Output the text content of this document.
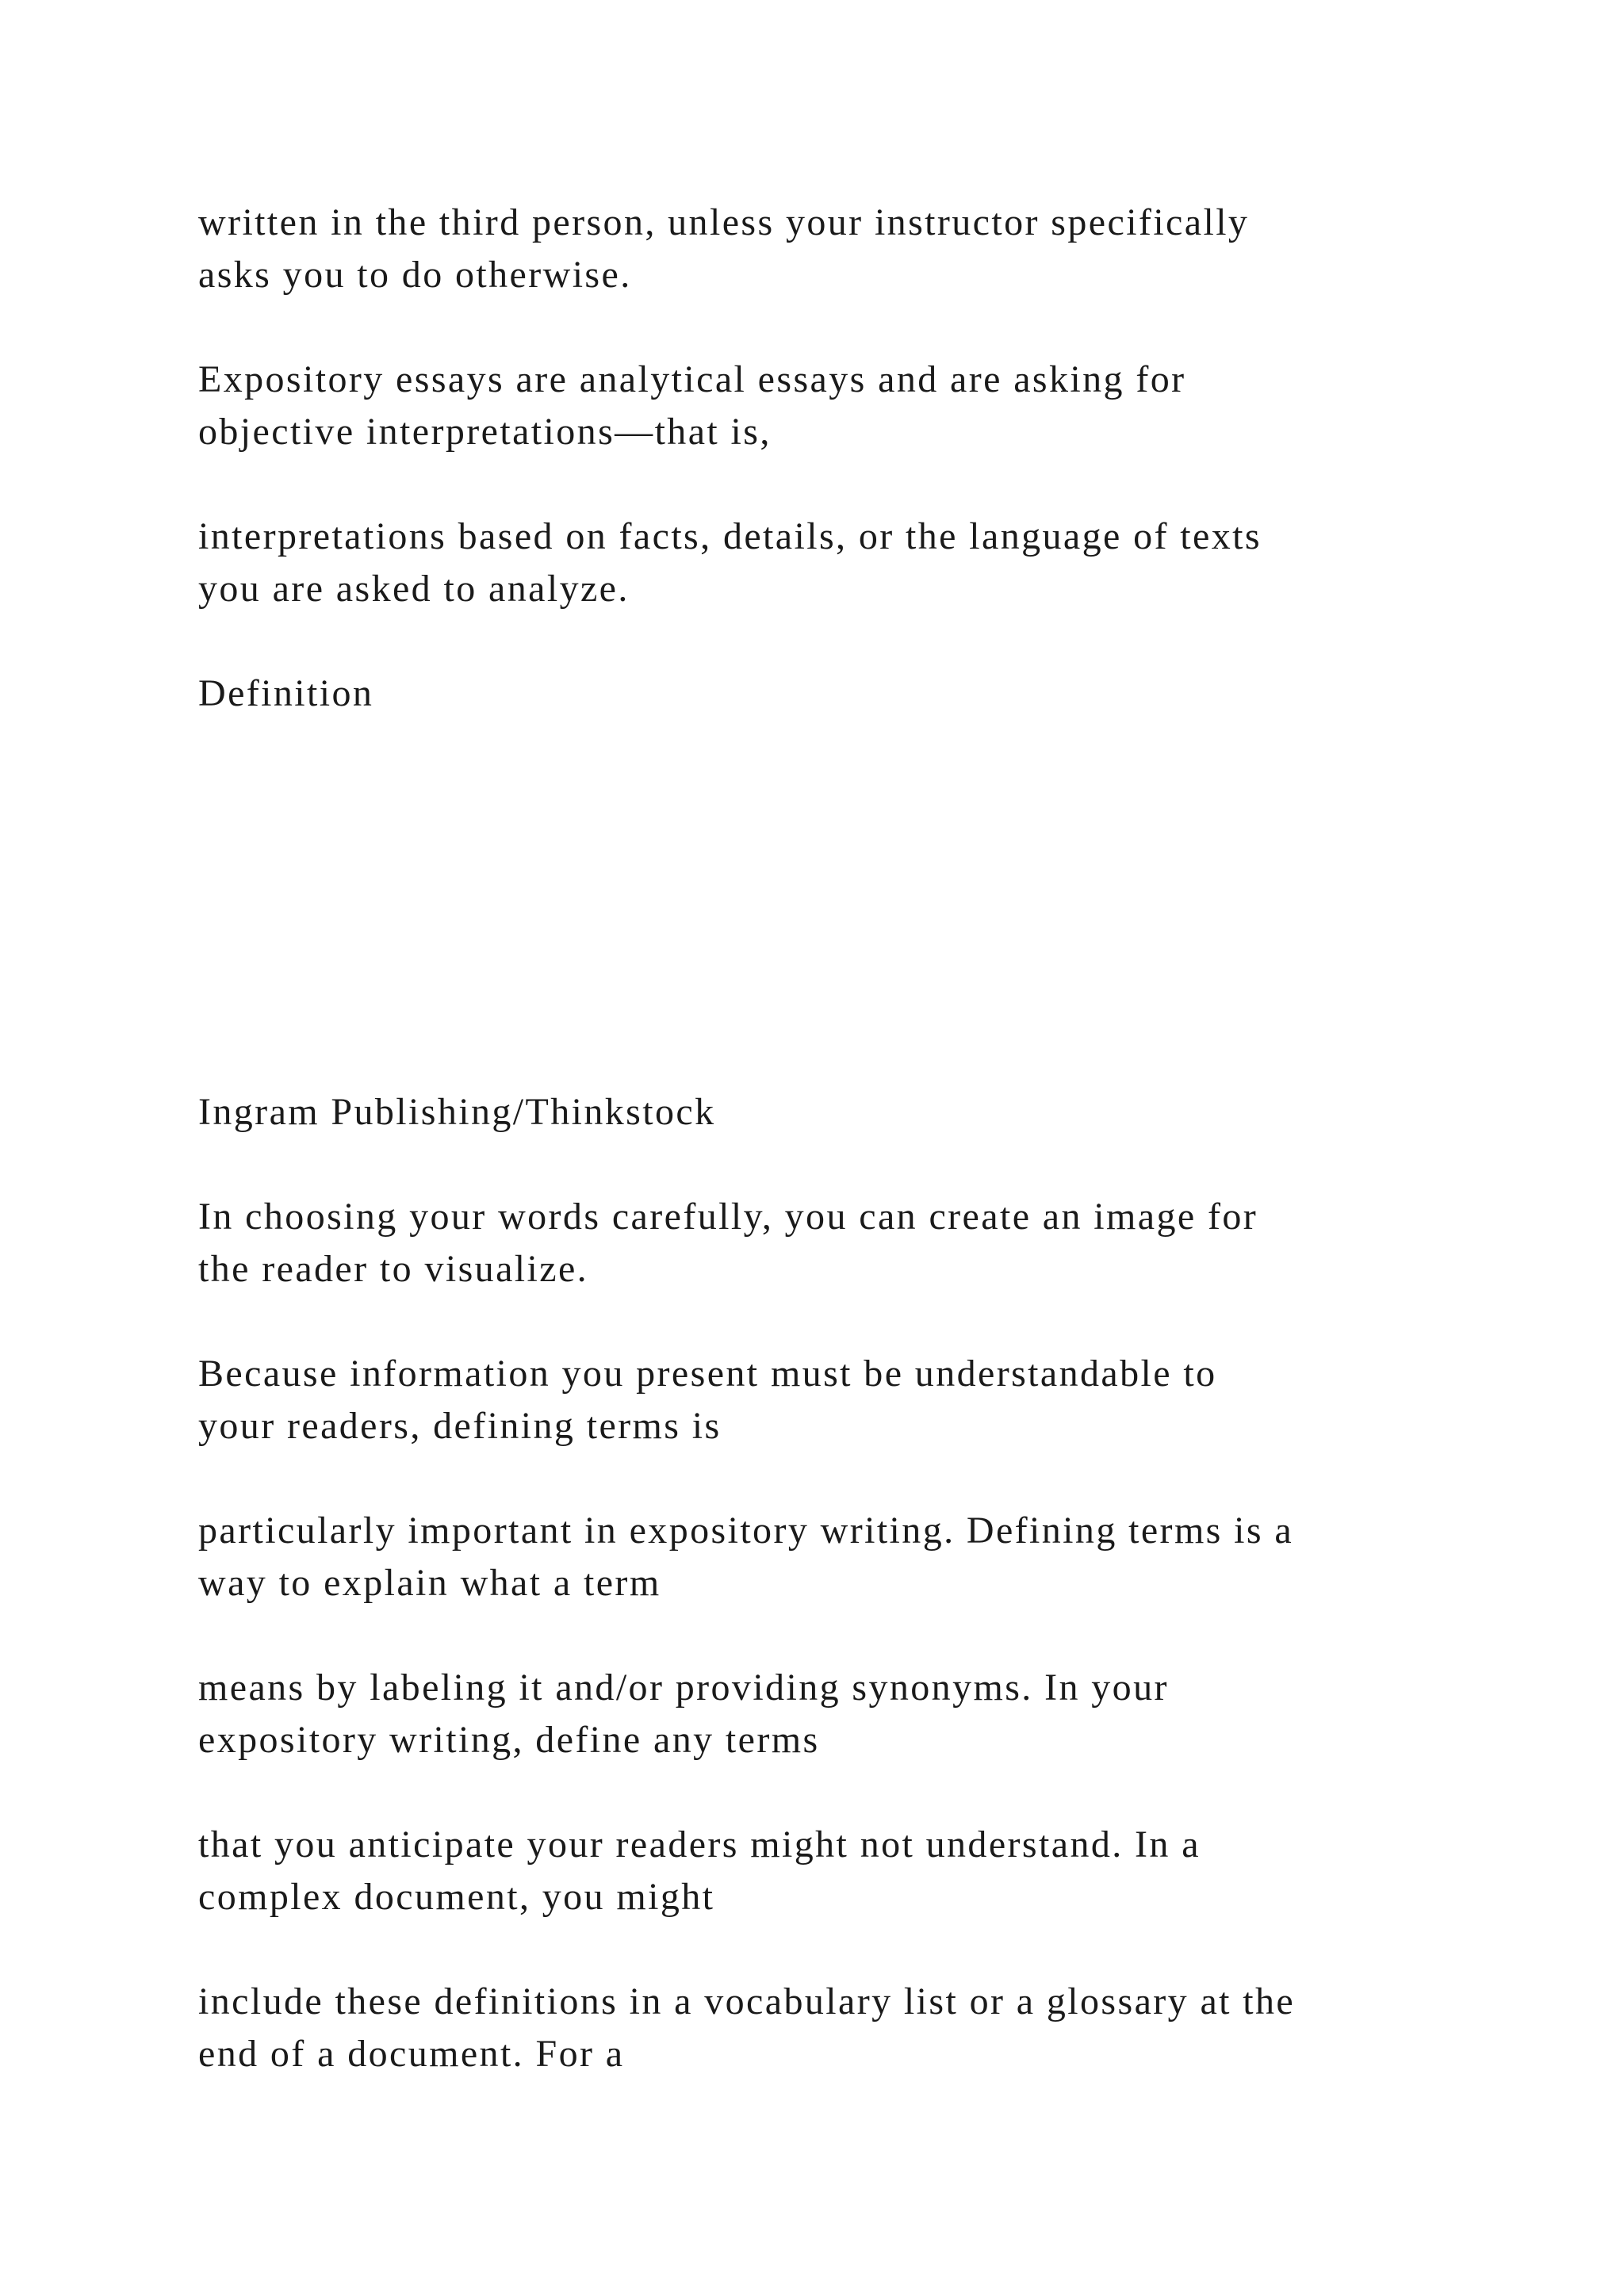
written in the third person, unless your instructor specifically
asks you to do otherwise.

Expository essays are analytical essays and are asking for
objective interpretations—that is,

interpretations based on facts, details, or the language of texts
you are asked to analyze.

Definition

Ingram Publishing/Thinkstock

In choosing your words carefully, you can create an image for
the reader to visualize.

Because information you present must be understandable to
your readers, defining terms is

particularly important in expository writing. Defining terms is a
way to explain what a term

means by labeling it and/or providing synonyms. In your
expository writing, define any terms

that you anticipate your readers might not understand. In a
complex document, you might

include these definitions in a vocabulary list or a glossary at the
end of a document. For a
